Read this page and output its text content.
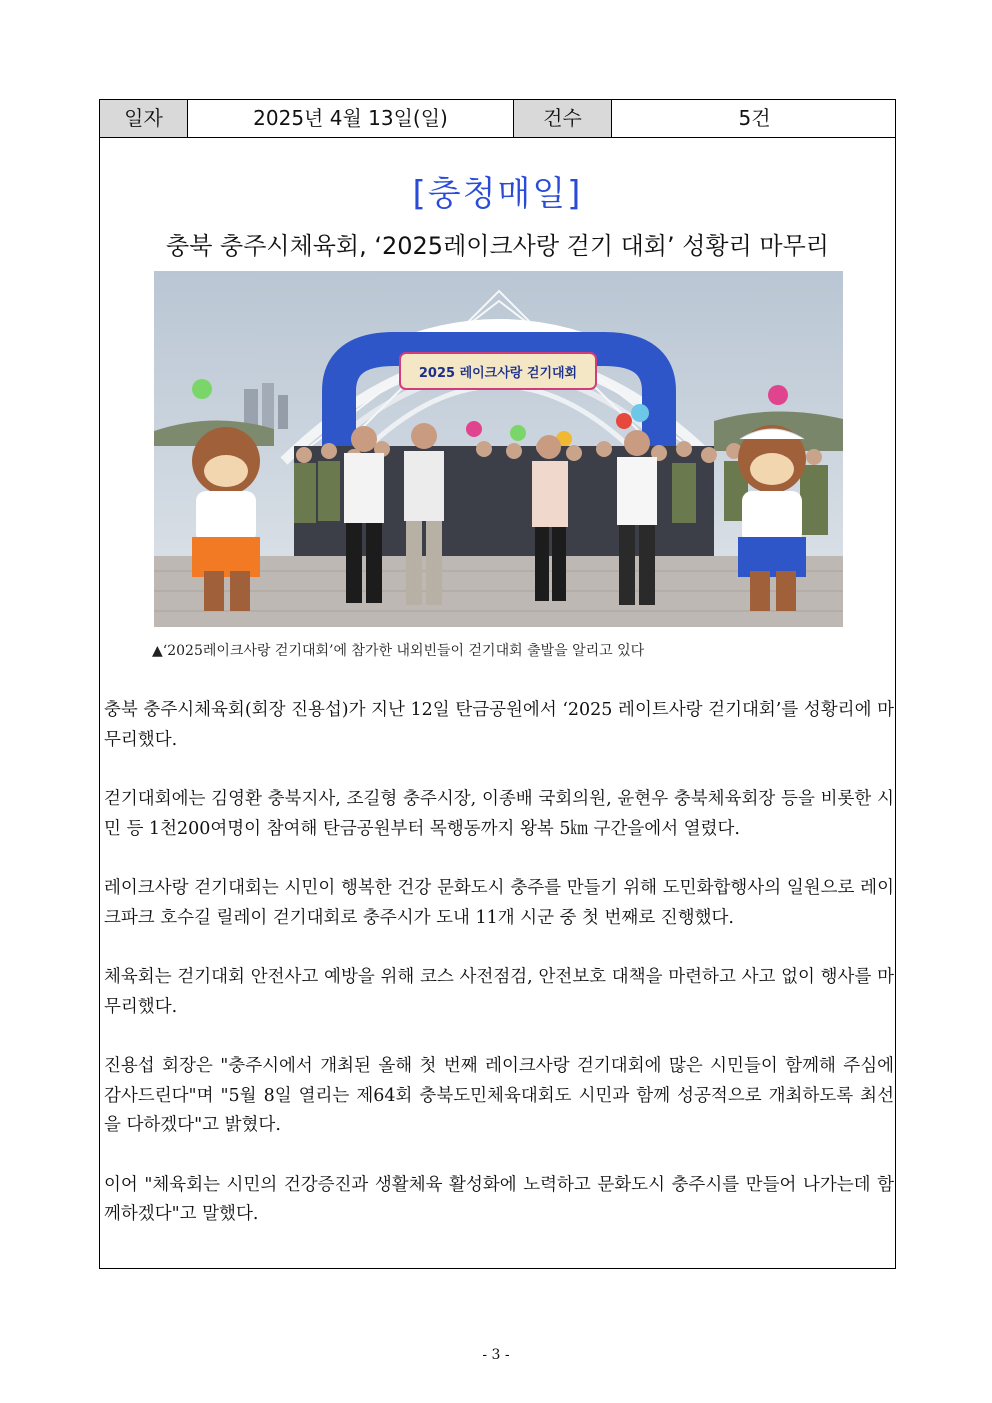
일자	2025년 4월 13일(일)	건수	5건
[충청매일]
충북 충주시체육회, ‘2025레이크사랑 걷기 대회’ 성황리 마무리
2025 레이크사랑 걷기대회
▲‘2025레이크사랑 걷기대회’에 참가한 내외빈들이 걷기대회 출발을 알리고 있다

충북 충주시체육회(회장 진용섭)가 지난 12일 탄금공원에서 ‘2025 레이트사랑 걷기대회’를 성황리에 마무리했다.

걷기대회에는 김영환 충북지사, 조길형 충주시장, 이종배 국회의원, 윤현우 충북체육회장 등을 비롯한 시민 등 1천200여명이 참여해 탄금공원부터 목행동까지 왕복 5㎞ 구간을에서 열렸다.

레이크사랑 걷기대회는 시민이 행복한 건강 문화도시 충주를 만들기 위해 도민화합행사의 일원으로 레이크파크 호수길 릴레이 걷기대회로 충주시가 도내 11개 시군 중 첫 번째로 진행했다.

체육회는 걷기대회 안전사고 예방을 위해 코스 사전점검, 안전보호 대책을 마련하고 사고 없이 행사를 마무리했다.

진용섭 회장은 "충주시에서 개최된 올해 첫 번째 레이크사랑 걷기대회에 많은 시민들이 함께해 주심에 감사드린다"며 "5월 8일 열리는 제64회 충북도민체육대회도 시민과 함께 성공적으로 개최하도록 최선을 다하겠다"고 밝혔다.

이어 "체육회는 시민의 건강증진과 생활체육 활성화에 노력하고 문화도시 충주시를 만들어 나가는데 함께하겠다"고 말했다.

- 3 -
